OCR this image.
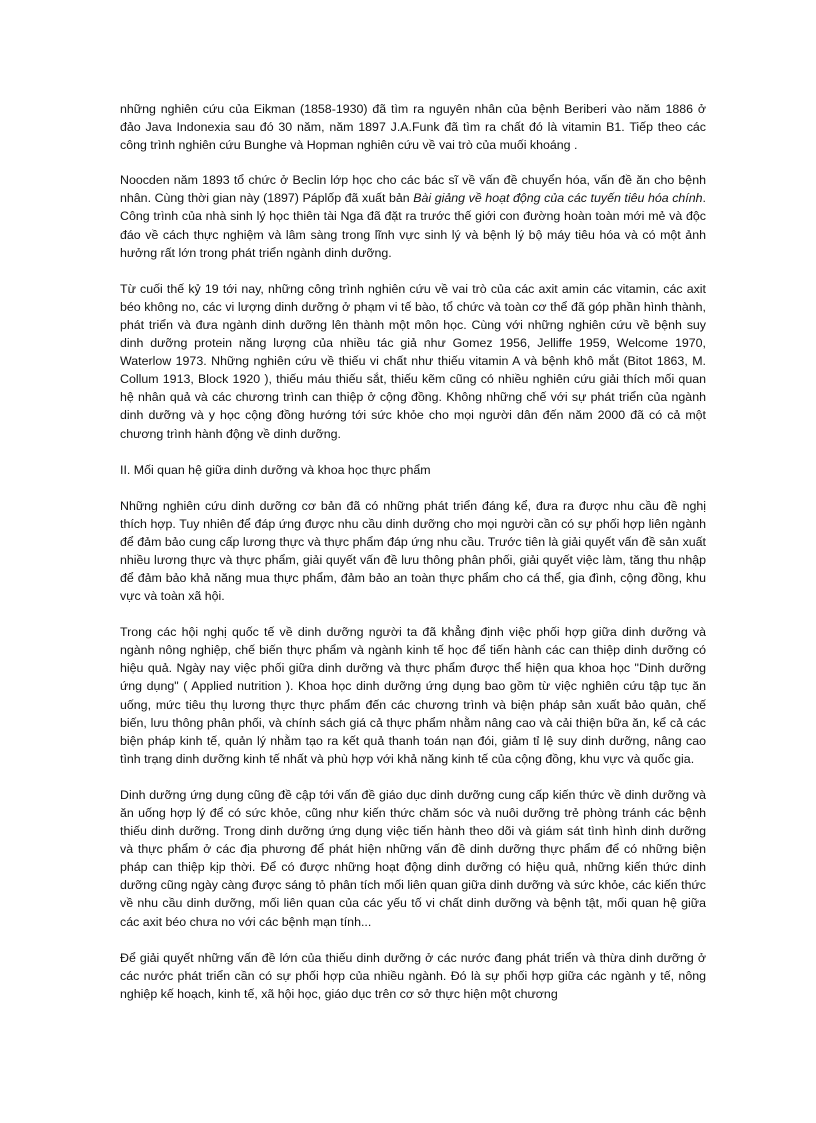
những nghiên cứu của Eikman (1858-1930) đã tìm ra nguyên nhân của bệnh Beriberi vào năm 1886 ở đảo Java Indonexia sau đó 30 năm, năm 1897 J.A.Funk đã tìm ra chất đó là vitamin B1. Tiếp theo các công trình nghiên cứu Bunghe và Hopman nghiên cứu về vai trò của muối khoáng .

Noocden năm 1893 tổ chức ở Beclin lớp học cho các bác sĩ về vấn đề chuyển hóa, vấn đề ăn cho bệnh nhân. Cùng thời gian này (1897) Páplốp đã xuất bản Bài giảng về hoạt động của các tuyến tiêu hóa chính. Công trình của nhà sinh lý học thiên tài Nga đã đặt ra trước thế giới con đường hoàn toàn mới mẻ và độc đáo về cách thực nghiệm và lâm sàng trong lĩnh vực sinh lý và bệnh lý bộ máy tiêu hóa và có một ảnh hưởng rất lớn trong phát triển ngành dinh dưỡng.

Từ cuối thế kỷ 19 tới nay, những công trình nghiên cứu về vai trò của các axit amin các vitamin, các axit béo không no, các vi lượng dinh dưỡng ở phạm vi tế bào, tổ chức và toàn cơ thể đã góp phần hình thành, phát triển và đưa ngành dinh dưỡng lên thành một môn học. Cùng với những nghiên cứu về bệnh suy dinh dưỡng protein năng lượng của nhiều tác giả như Gomez 1956, Jelliffe 1959, Welcome 1970, Waterlow 1973. Những nghiên cứu về thiếu vi chất như thiếu vitamin A và bệnh khô mắt (Bitot 1863, M. Collum 1913, Block 1920 ), thiếu máu thiếu sắt, thiếu kẽm cũng có nhiều nghiên cứu giải thích mối quan hệ nhân quả và các chương trình can thiệp ở cộng đồng. Không những chế với sự phát triển của ngành dinh dưỡng và y học cộng đồng hướng tới sức khỏe cho mọi người dân đến năm 2000 đã có cả một chương trình hành động về dinh dưỡng.

II. Mối quan hệ giữa dinh dưỡng và khoa học thực phẩm

Những nghiên cứu dinh dưỡng cơ bản đã có những phát triển đáng kể, đưa ra được nhu cầu đề nghị thích hợp. Tuy nhiên để đáp ứng được nhu cầu dinh dưỡng cho mọi người cần có sự phối hợp liên ngành để đảm bảo cung cấp lương thực và thực phẩm đáp ứng nhu cầu. Trước tiên là giải quyết vấn đề sản xuất nhiều lương thực và thực phẩm, giải quyết vấn đề lưu thông phân phối, giải quyết việc làm, tăng thu nhập để đảm bảo khả năng mua thực phẩm, đảm bảo an toàn thực phẩm cho cá thể, gia đình, cộng đồng, khu vực và toàn xã hội.

Trong các hội nghị quốc tế về dinh dưỡng người ta đã khẳng định việc phối hợp giữa dinh dưỡng và ngành nông nghiệp, chế biến thực phẩm và ngành kinh tế học để tiến hành các can thiệp dinh dưỡng có hiệu quả. Ngày nay việc phối giữa dinh dưỡng và thực phẩm được thể hiện qua khoa học "Dinh dưỡng ứng dụng" ( Applied nutrition ). Khoa học dinh dưỡng ứng dụng bao gồm từ việc nghiên cứu tập tục ăn uống, mức tiêu thụ lương thực thực phẩm đến các chương trình và biện pháp sản xuất bảo quản, chế biến, lưu thông phân phối, và chính sách giá cả thực phẩm nhằm nâng cao và cải thiện bữa ăn, kể cả các biện pháp kinh tế, quản lý nhằm tạo ra kết quả thanh toán nạn đói, giảm tỉ lệ suy dinh dưỡng, nâng cao tình trạng dinh dưỡng kinh tế nhất và phù hợp với khả năng kinh tế của cộng đồng, khu vực và quốc gia.

Dinh dưỡng ứng dụng cũng đề cập tới vấn đề giáo dục dinh dưỡng cung cấp kiến thức về dinh dưỡng và ăn uống hợp lý để có sức khỏe, cũng như kiến thức chăm sóc và nuôi dưỡng trẻ phòng tránh các bệnh thiếu dinh dưỡng. Trong dinh dưỡng ứng dụng việc tiến hành theo dõi và giám sát tình hình dinh dưỡng và thực phẩm ở các địa phương để phát hiện những vấn đề dinh dưỡng thực phẩm để có những biện pháp can thiệp kịp thời. Để có được những hoạt động dinh dưỡng có hiệu quả, những kiến thức dinh dưỡng cũng ngày càng được sáng tỏ phân tích mối liên quan giữa dinh dưỡng và sức khỏe, các kiến thức về nhu cầu dinh dưỡng, mối liên quan của các yếu tố vi chất dinh dưỡng và bệnh tật, mối quan hệ giữa các axit béo chưa no với các bệnh mạn tính...

Để giải quyết những vấn đề lớn của thiếu dinh dưỡng ở các nước đang phát triển và thừa dinh dưỡng ở các nước phát triển cần có sự phối hợp của nhiều ngành. Đó là sự phối hợp giữa các ngành y tế, nông nghiệp kế hoạch, kinh tế, xã hội học, giáo dục trên cơ sở thực hiện một chương
